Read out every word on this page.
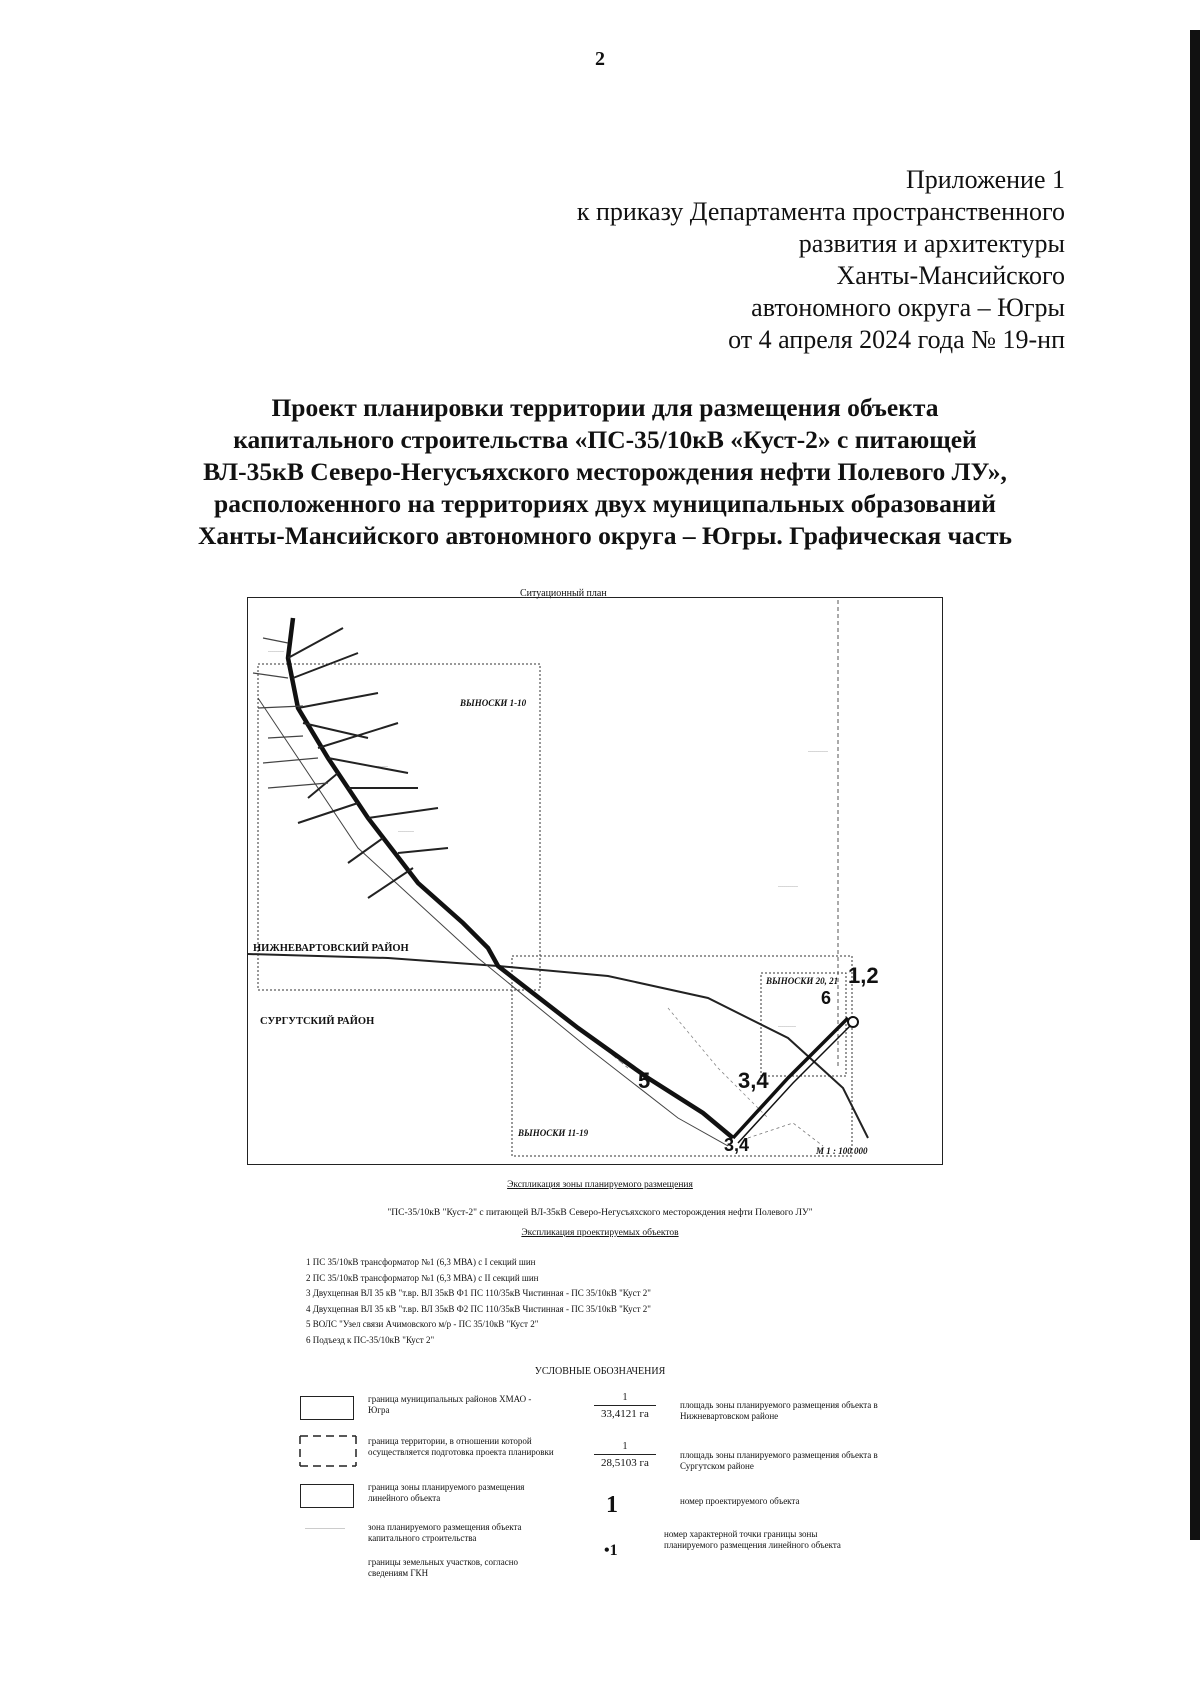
2
Приложение 1
к приказу Департамента пространственного
развития и архитектуры
Ханты-Мансийского
автономного округа – Югры
от 4 апреля 2024 года № 19-нп
Проект планировки территории для размещения объекта
капитального строительства «ПС-35/10кВ «Куст-2» с питающей
ВЛ-35кВ Северо-Негусъяхского месторождения нефти Полевого ЛУ»,
расположенного на территориях двух муниципальных образований
Ханты-Мансийского автономного округа – Югры. Графическая часть
Ситуационный план
········
··········
········
··········
··········
·········
ВЫНОСКИ 1-10
ВЫНОСКИ 11-19
ВЫНОСКИ 20, 21
НИЖНЕВАРТОВСКИЙ РАЙОН
СУРГУТСКИЙ РАЙОН
М 1 : 100 000
1,2
6
3,4
5
3,4
Экспликация зоны планируемого размещения
"ПС-35/10кВ "Куст-2" с питающей ВЛ-35кВ Северо-Негусъяхского месторождения нефти Полевого ЛУ"
Экспликация проектируемых объектов
1 ПС 35/10кВ трансформатор №1 (6,3 МВА) с I секций шин
2 ПС 35/10кВ трансформатор №1 (6,3 МВА) с II секций шин
3 Двухцепная ВЛ 35 кВ "т.вр. ВЛ 35кВ Ф1 ПС 110/35кВ Чистинная - ПС 35/10кВ "Куст 2"
4 Двухцепная ВЛ 35 кВ "т.вр. ВЛ 35кВ Ф2 ПС 110/35кВ Чистинная - ПС 35/10кВ "Куст 2"
5 ВОЛС "Узел связи Ачимовского м/р - ПС 35/10кВ "Куст 2"
6 Подъезд к ПС-35/10кВ "Куст 2"
УСЛОВНЫЕ ОБОЗНАЧЕНИЯ
граница муниципальных районов ХМАО - Югра
граница территории, в отношении которой осуществляется подготовка проекта планировки
граница зоны планируемого размещения линейного объекта
зона планируемого размещения объекта капитального строительства
границы земельных участков, согласно сведениям ГКН
1
33,4121 га
площадь зоны планируемого размещения объекта в Нижневартовском районе
1
28,5103 га
площадь зоны планируемого размещения объекта в Сургутском районе
1	номер проектируемого объекта
•1
номер характерной точки границы зоны планируемого размещения линейного объекта
